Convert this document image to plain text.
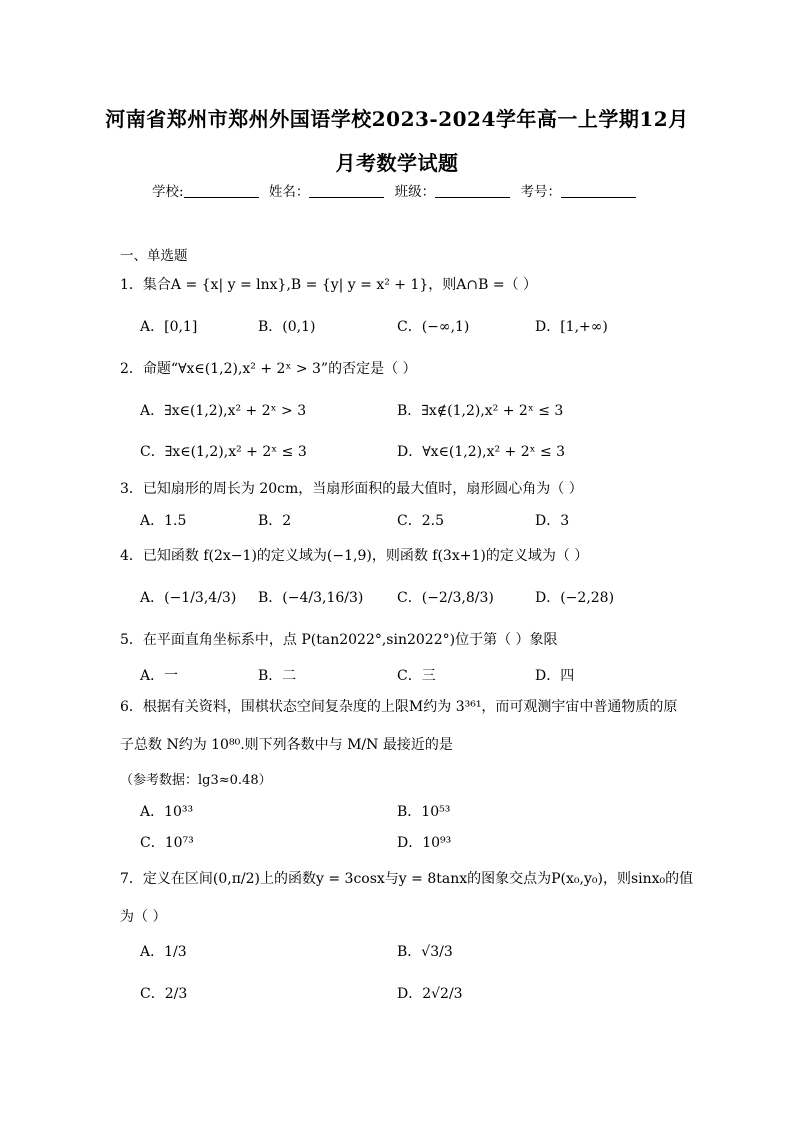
河南省郑州市郑州外国语学校2023-2024学年高一上学期12月
月考数学试题
学校:	姓名：	班级：	考号：
一、单选题
1．集合A = {x| y = lnx},B = {y| y = x² + 1}，则A∩B =（ ）
A．[0,1]	B．(0,1)	C．(−∞,1)	D．[1,+∞)
2．命题“∀x∈(1,2),x² + 2ˣ > 3”的否定是（ ）
A．∃x∈(1,2),x² + 2ˣ > 3	B．∃x∉(1,2),x² + 2ˣ ≤ 3
C．∃x∈(1,2),x² + 2ˣ ≤ 3	D．∀x∈(1,2),x² + 2ˣ ≤ 3
3．已知扇形的周长为 20cm，当扇形面积的最大值时，扇形圆心角为（ ）
A．1.5	B．2	C．2.5	D．3
4．已知函数 f(2x−1)的定义域为(−1,9)，则函数 f(3x+1)的定义域为（ ）
A．(−1/3,4/3) B．(−4/3,16/3) C．(−2/3,8/3)	D．(−2,28)
5．在平面直角坐标系中，点 P(tan2022°,sin2022°)位于第（ ）象限
A．一	B．二	C．三	D．四
6．根据有关资料，围棋状态空间复杂度的上限M约为 3³⁶¹，而可观测宇宙中普通物质的原
子总数 N约为 10⁸⁰.则下列各数中与 M/N 最接近的是
（参考数据：lg3≈0.48）
A．10³³	B．10⁵³
C．10⁷³	D．10⁹³
7．定义在区间(0,π/2)上的函数y = 3cosx与y = 8tanx的图象交点为P(x₀,y₀)，则sinx₀的值
为（ ）
A．1/3	B．√3/3
C．2/3	D．2√2/3
